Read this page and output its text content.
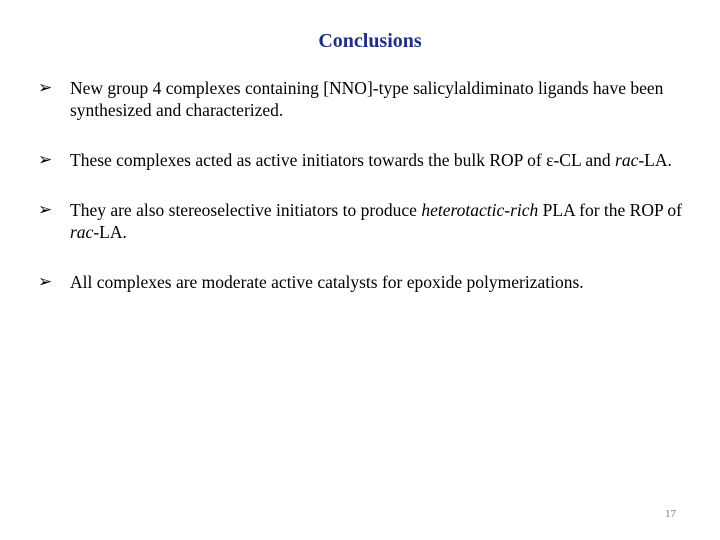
Conclusions
➢ New group 4 complexes containing [NNO]-type salicylaldiminato ligands have been synthesized and characterized.
➢ These complexes acted as active initiators towards the bulk ROP of ε-CL and rac-LA.
➢ They are also stereoselective initiators to produce heterotactic-rich PLA for the ROP of rac-LA.
➢ All complexes are moderate active catalysts for epoxide polymerizations.
17
